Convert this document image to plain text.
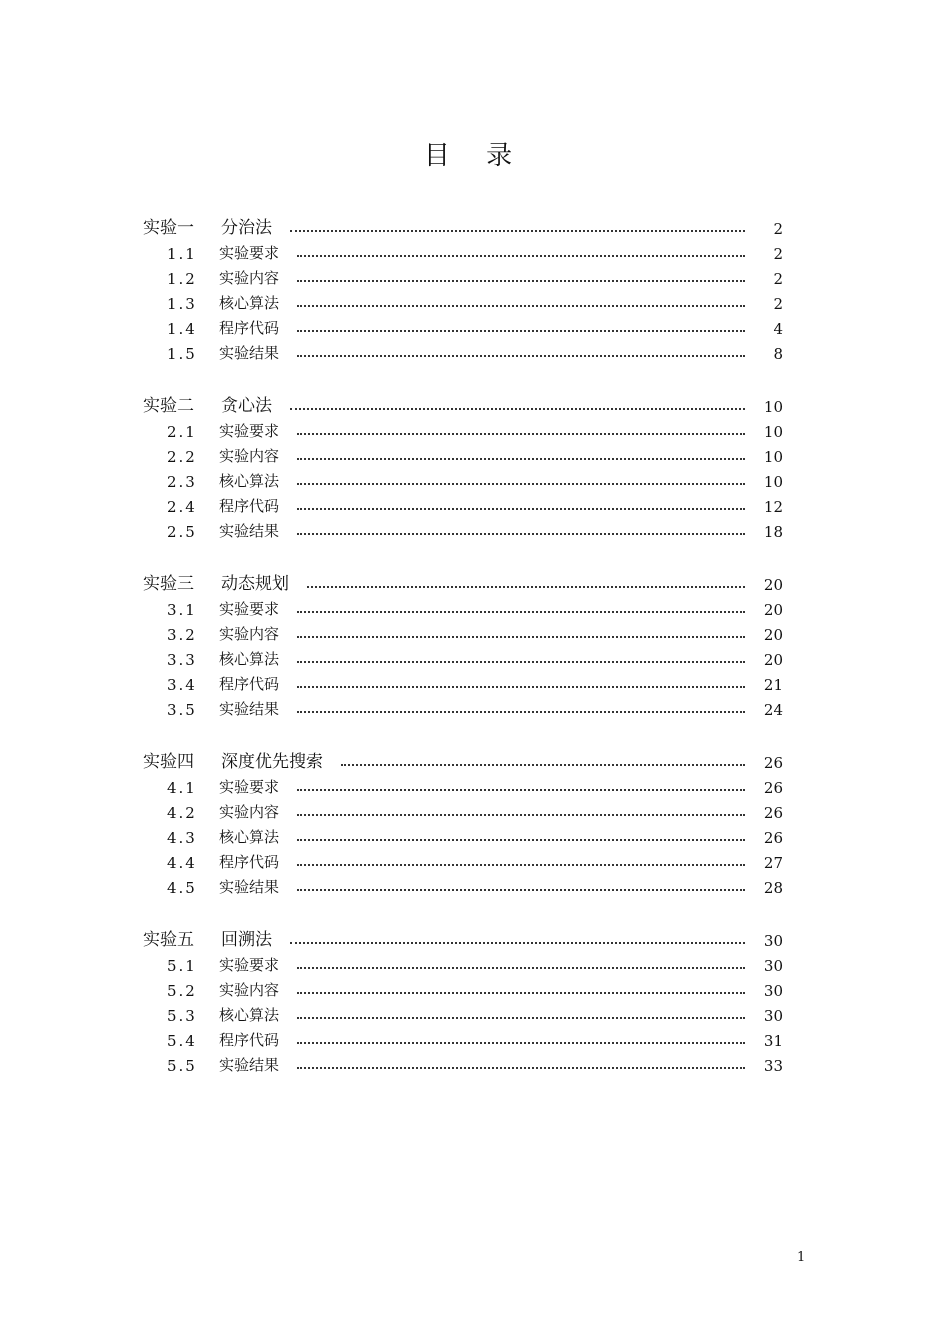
目 录
实验一	分治法	2
1.1	实验要求	2
1.2	实验内容	2
1.3	核心算法	2
1.4	程序代码	4
1.5	实验结果	8
实验二	贪心法	10
2.1	实验要求	10
2.2	实验内容	10
2.3	核心算法	10
2.4	程序代码	12
2.5	实验结果	18
实验三	动态规划	20
3.1	实验要求	20
3.2	实验内容	20
3.3	核心算法	20
3.4	程序代码	21
3.5	实验结果	24
实验四	深度优先搜索	26
4.1	实验要求	26
4.2	实验内容	26
4.3	核心算法	26
4.4	程序代码	27
4.5	实验结果	28
实验五	回溯法	30
5.1	实验要求	30
5.2	实验内容	30
5.3	核心算法	30
5.4	程序代码	31
5.5	实验结果	33
1
